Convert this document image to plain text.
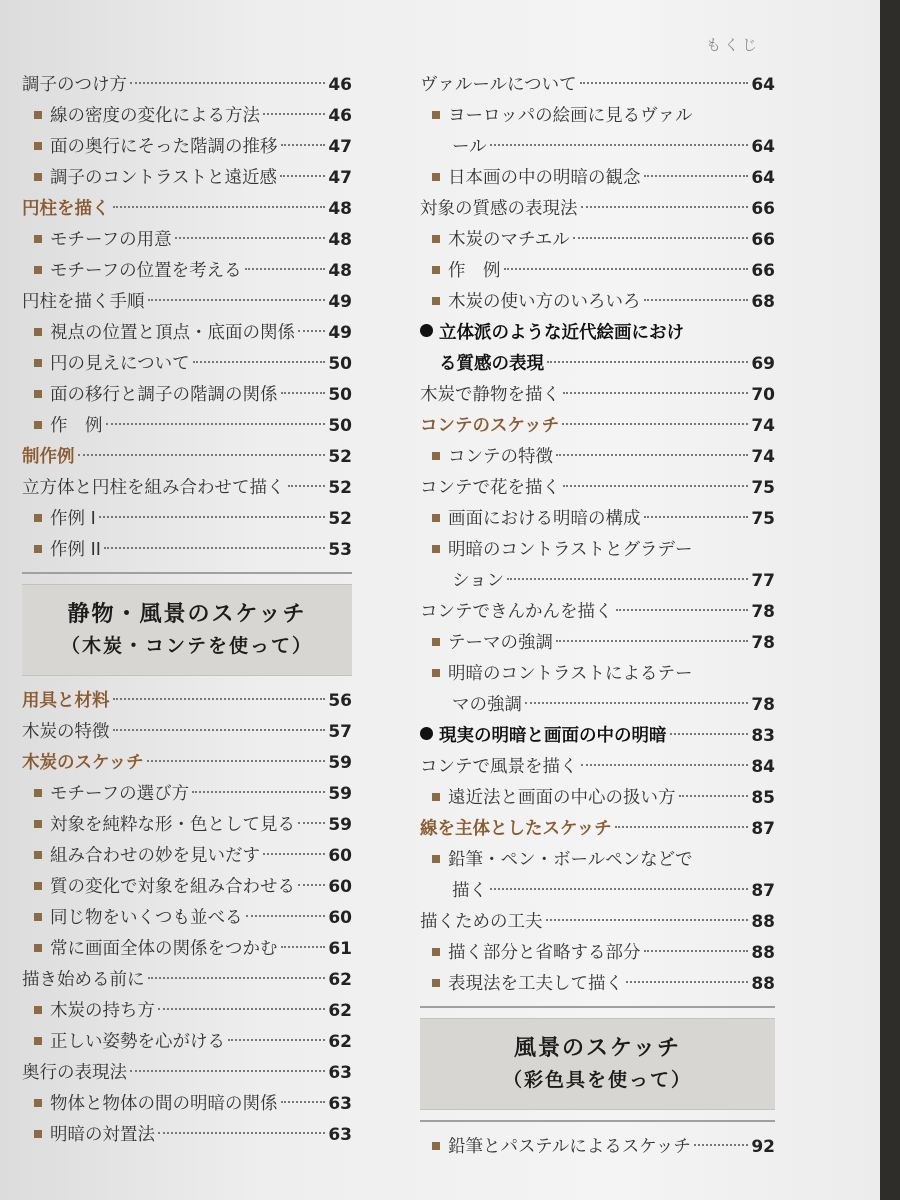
もくじ
調子のつけ方	46
線の密度の変化による方法	46
面の奥行にそった階調の推移	47
調子のコントラストと遠近感	47
円柱を描く	48
モチーフの用意	48
モチーフの位置を考える	48
円柱を描く手順	49
視点の位置と頂点・底面の関係 49
円の見えについて	50
面の移行と調子の階調の関係	50
作　例	50
制作例	52
立方体と円柱を組み合わせて描く	52
作例 I	52
作例 II	53
静物・風景のスケッチ
（木炭・コンテを使って）
用具と材料	56
木炭の特徴	57
木炭のスケッチ	59
モチーフの選び方	59
対象を純粋な形・色として見る 59
組み合わせの妙を見いだす	60
質の変化で対象を組み合わせる 60
同じ物をいくつも並べる	60
常に画面全体の関係をつかむ	61
描き始める前に	62
木炭の持ち方	62
正しい姿勢を心がける	62
奥行の表現法	63
物体と物体の間の明暗の関係	63
明暗の対置法	63
ヴァルールについて	64
ヨーロッパの絵画に見るヴァル
ール	64
日本画の中の明暗の観念	64
対象の質感の表現法	66
木炭のマチエル	66
作　例	66
木炭の使い方のいろいろ	68
立体派のような近代絵画におけ
る質感の表現	69
木炭で静物を描く	70
コンテのスケッチ	74
コンテの特徴	74
コンテで花を描く	75
画面における明暗の構成	75
明暗のコントラストとグラデー
ション	77
コンテできんかんを描く	78
テーマの強調	78
明暗のコントラストによるテー
マの強調	78
現実の明暗と画面の中の明暗	83
コンテで風景を描く	84
遠近法と画面の中心の扱い方	85
線を主体としたスケッチ	87
鉛筆・ペン・ボールペンなどで
描く	87
描くための工夫	88
描く部分と省略する部分	88
表現法を工夫して描く	88
風景のスケッチ
（彩色具を使って）
鉛筆とパステルによるスケッチ	92
